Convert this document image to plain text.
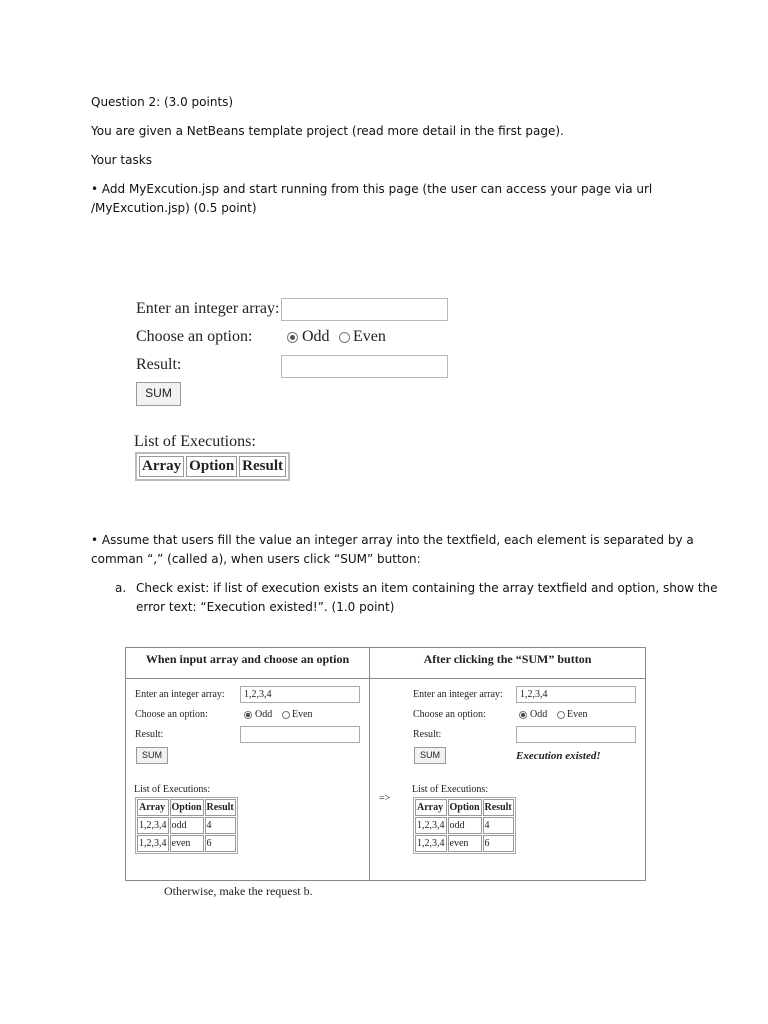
Question 2: (3.0 points)

You are given a NetBeans template project (read more detail in the first page).

Your tasks

• Add MyExcution.jsp and start running from this page (the user can access your page via url

/MyExcution.jsp) (0.5 point)

Enter an integer array:
Choose an option:	Odd Even
Result:
SUM
List of Executions:
Array	Option	Result

• Assume that users fill the value an integer array into the textfield, each element is separated by a

comman “,” (called a), when users click “SUM” button:

a. Check exist: if list of execution exists an item containing the array textfield and option, show the

error text: “Execution existed!”. (1.0 point)

When input array and choose an option	After clicking the “SUM” button
Enter an integer array:	1,2,3,4
Choose an option:	Odd Even
Result:
SUM
List of Executions:
Array	Option	Result
1,2,3,4	odd	4
1,2,3,4	even	6
=>
Enter an integer array:	1,2,3,4
Choose an option:	Odd Even
Result:
SUM	Execution existed!
List of Executions:
Array	Option	Result
1,2,3,4	odd	4
1,2,3,4	even	6

Otherwise, make the request b.
